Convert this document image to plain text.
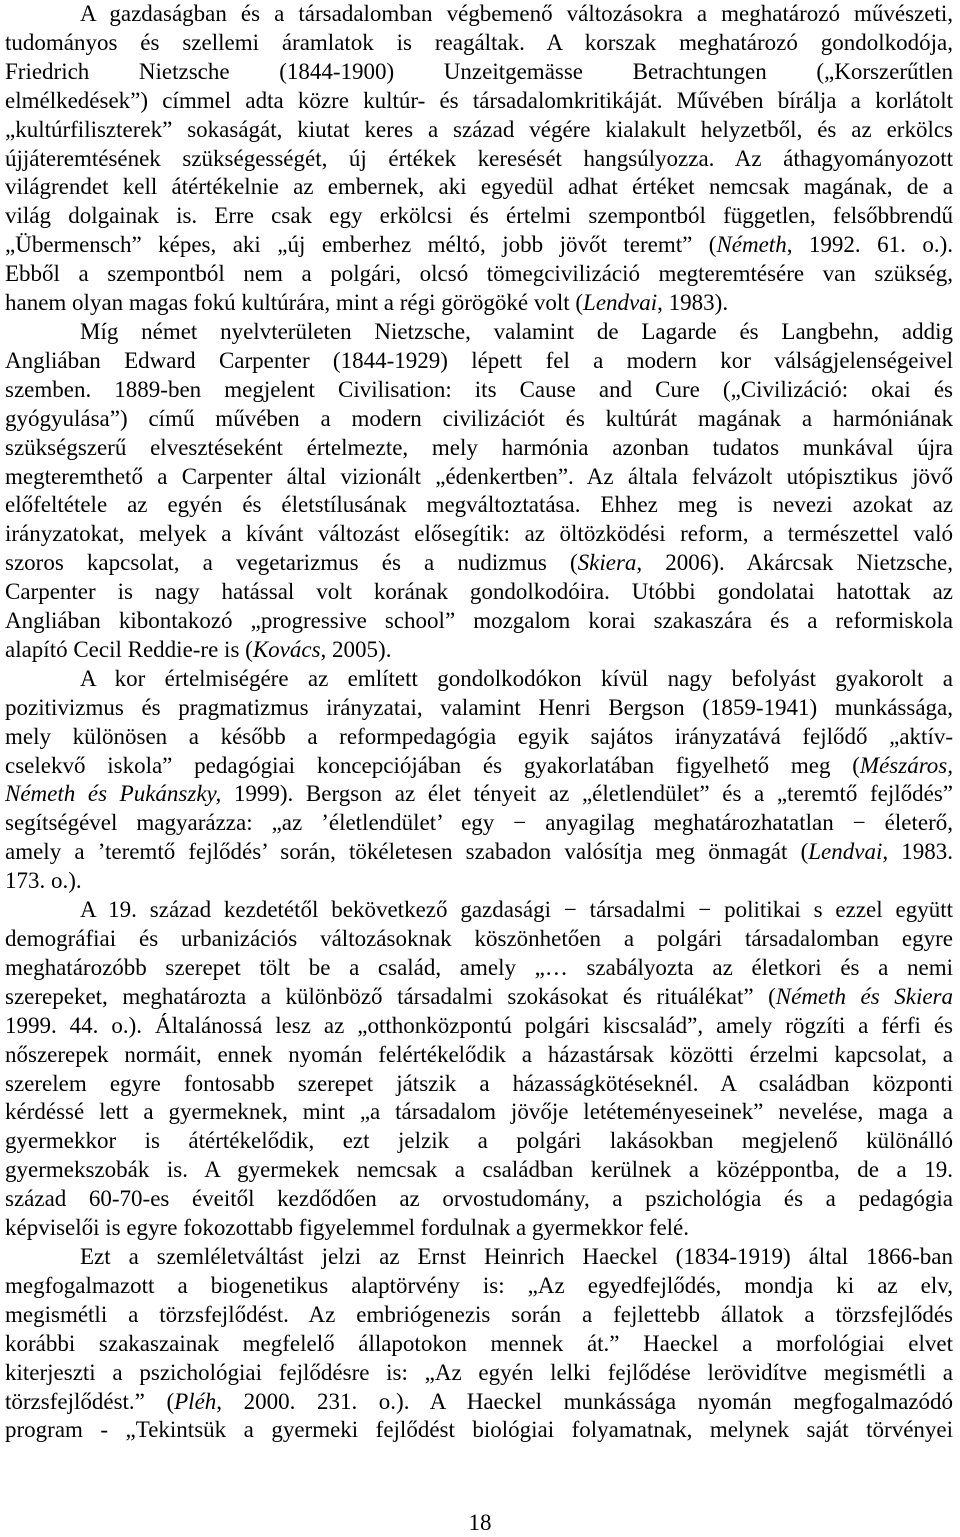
A gazdaságban és a társadalomban végbemenő változásokra a meghatározó művészeti,
tudományos és szellemi áramlatok is reagáltak. A korszak meghatározó gondolkodója,
Friedrich Nietzsche (1844-1900) Unzeitgemässe Betrachtungen („Korszerűtlen
elmélkedések”) címmel adta közre kultúr- és társadalomkritikáját. Művében bírálja a korlátolt
„kultúrfiliszterek” sokaságát, kiutat keres a század végére kialakult helyzetből, és az erkölcs
újjáteremtésének szükségességét, új értékek keresését hangsúlyozza. Az áthagyományozott
világrendet kell átértékelnie az embernek, aki egyedül adhat értéket nemcsak magának, de a
világ dolgainak is. Erre csak egy erkölcsi és értelmi szempontból független, felsőbbrendű
„Übermensch” képes, aki „új emberhez méltó, jobb jövőt teremt” (Németh, 1992. 61. o.).
Ebből a szempontból nem a polgári, olcsó tömegcivilizáció megteremtésére van szükség,
hanem olyan magas fokú kultúrára, mint a régi görögöké volt (Lendvai, 1983).
Míg német nyelvterületen Nietzsche, valamint de Lagarde és Langbehn, addig
Angliában Edward Carpenter (1844-1929) lépett fel a modern kor válságjelenségeivel
szemben. 1889-ben megjelent Civilisation: its Cause and Cure („Civilizáció: okai és
gyógyulása”) című művében a modern civilizációt és kultúrát magának a harmóniának
szükségszerű elvesztéseként értelmezte, mely harmónia azonban tudatos munkával újra
megteremthető a Carpenter által vizionált „édenkertben”. Az általa felvázolt utópisztikus jövő
előfeltétele az egyén és életstílusának megváltoztatása. Ehhez meg is nevezi azokat az
irányzatokat, melyek a kívánt változást elősegítik: az öltözködési reform, a természettel való
szoros kapcsolat, a vegetarizmus és a nudizmus (Skiera, 2006). Akárcsak Nietzsche,
Carpenter is nagy hatással volt korának gondolkodóira. Utóbbi gondolatai hatottak az
Angliában kibontakozó „progressive school” mozgalom korai szakaszára és a reformiskola
alapító Cecil Reddie-re is (Kovács, 2005).
A kor értelmiségére az említett gondolkodókon kívül nagy befolyást gyakorolt a
pozitivizmus és pragmatizmus irányzatai, valamint Henri Bergson (1859-1941) munkássága,
mely különösen a később a reformpedagógia egyik sajátos irányzatává fejlődő „aktív-
cselekvő iskola” pedagógiai koncepciójában és gyakorlatában figyelhető meg (Mészáros,
Németh és Pukánszky, 1999). Bergson az élet tényeit az „életlendület” és a „teremtő fejlődés”
segítségével magyarázza: „az ’életlendület’ egy − anyagilag meghatározhatatlan − életerő,
amely a ’teremtő fejlődés’ során, tökéletesen szabadon valósítja meg önmagát (Lendvai, 1983.
173. o.).
A 19. század kezdetétől bekövetkező gazdasági − társadalmi − politikai s ezzel együtt
demográfiai és urbanizációs változásoknak köszönhetően a polgári társadalomban egyre
meghatározóbb szerepet tölt be a család, amely „… szabályozta az életkori és a nemi
szerepeket, meghatározta a különböző társadalmi szokásokat és rituálékat” (Németh és Skiera
1999. 44. o.). Általánossá lesz az „otthonközpontú polgári kiscsalád”, amely rögzíti a férfi és
nőszerepek normáit, ennek nyomán felértékelődik a házastársak közötti érzelmi kapcsolat, a
szerelem egyre fontosabb szerepet játszik a házasságkötéseknél. A családban központi
kérdéssé lett a gyermeknek, mint „a társadalom jövője letéteményeseinek” nevelése, maga a
gyermekkor is átértékelődik, ezt jelzik a polgári lakásokban megjelenő különálló
gyermekszobák is. A gyermekek nemcsak a családban kerülnek a középpontba, de a 19.
század 60-70-es éveitől kezdődően az orvostudomány, a pszichológia és a pedagógia
képviselői is egyre fokozottabb figyelemmel fordulnak a gyermekkor felé.
Ezt a szemléletváltást jelzi az Ernst Heinrich Haeckel (1834-1919) által 1866-ban
megfogalmazott a biogenetikus alaptörvény is: „Az egyedfejlődés, mondja ki az elv,
megismétli a törzsfejlődést. Az embriógenezis során a fejlettebb állatok a törzsfejlődés
korábbi szakaszainak megfelelő állapotokon mennek át.” Haeckel a morfológiai elvet
kiterjeszti a pszichológiai fejlődésre is: „Az egyén lelki fejlődése lerövidítve megismétli a
törzsfejlődést.” (Pléh, 2000. 231. o.). A Haeckel munkássága nyomán megfogalmazódó
program - „Tekintsük a gyermeki fejlődést biológiai folyamatnak, melynek saját törvényei
18
